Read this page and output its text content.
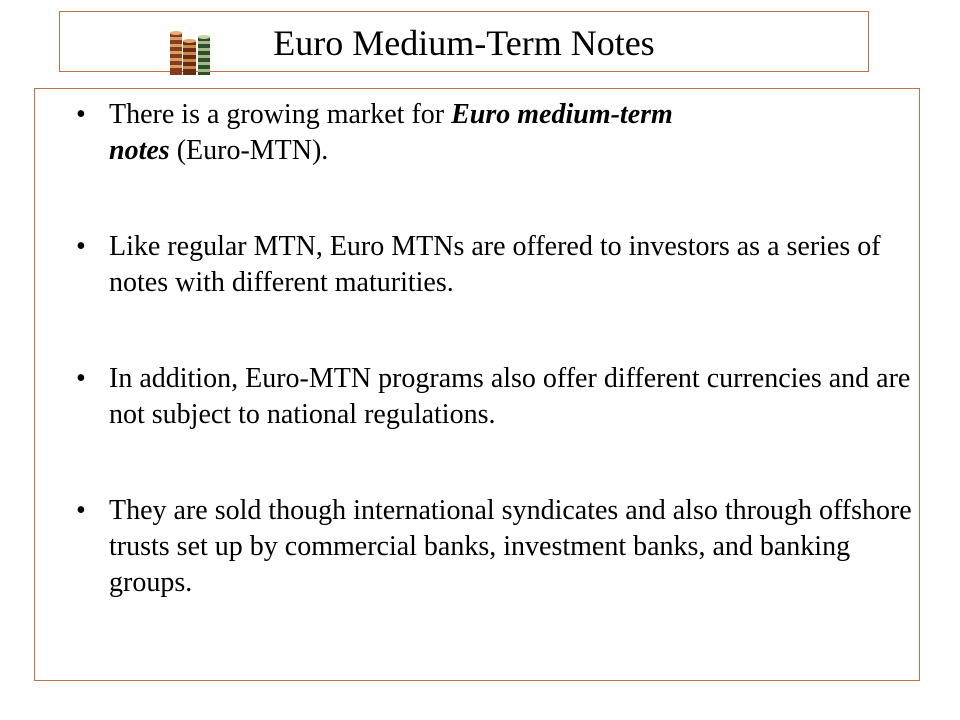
Euro Medium-Term Notes
• There is a growing market for Euro medium-term
notes (Euro-MTN).
• Like regular MTN, Euro MTNs are offered to investors as a series of notes with different maturities.
• In addition, Euro-MTN programs also offer different currencies and are not subject to national regulations.
• They are sold though international syndicates and also through offshore trusts set up by commercial banks, investment banks, and banking groups.
